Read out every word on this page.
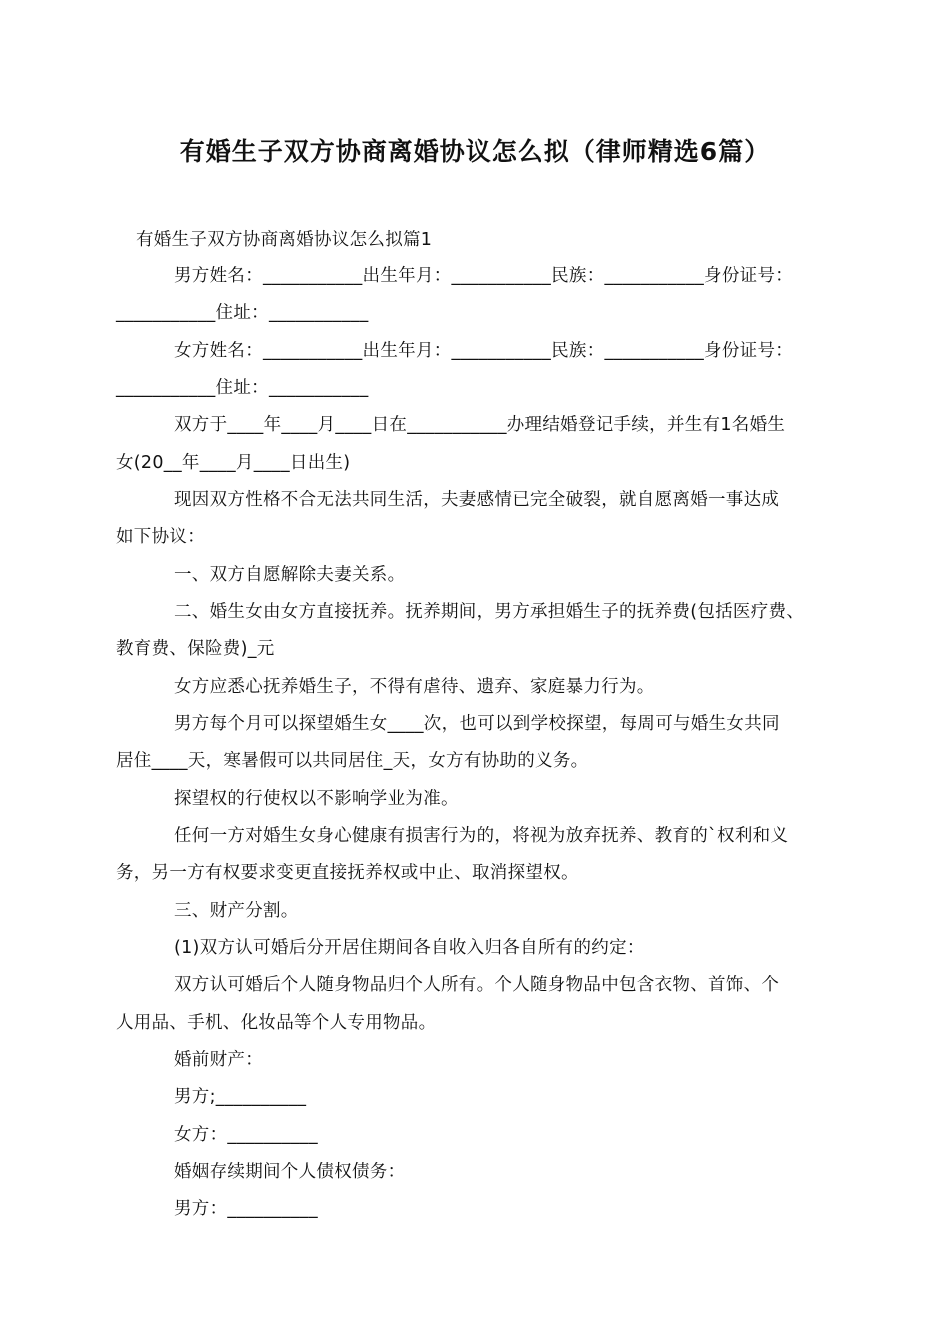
有婚生子双方协商离婚协议怎么拟（律师精选6篇）
有婚生子双方协商离婚协议怎么拟篇1
男方姓名：___________出生年月：___________民族：___________身份证号：
___________住址：___________
女方姓名：___________出生年月：___________民族：___________身份证号：
___________住址：___________
双方于____年____月____日在___________办理结婚登记手续，并生有1名婚生
女(20__年____月____日出生)
现因双方性格不合无法共同生活，夫妻感情已完全破裂，就自愿离婚一事达成
如下协议：
一、双方自愿解除夫妻关系。
二、婚生女由女方直接抚养。抚养期间，男方承担婚生子的抚养费(包括医疗费、
教育费、保险费)_元
女方应悉心抚养婚生子，不得有虐待、遗弃、家庭暴力行为。
男方每个月可以探望婚生女____次，也可以到学校探望，每周可与婚生女共同
居住____天，寒暑假可以共同居住_天，女方有协助的义务。
探望权的行使权以不影响学业为准。
任何一方对婚生女身心健康有损害行为的，将视为放弃抚养、教育的`权利和义
务，另一方有权要求变更直接抚养权或中止、取消探望权。
三、财产分割。
(1)双方认可婚后分开居住期间各自收入归各自所有的约定：
双方认可婚后个人随身物品归个人所有。个人随身物品中包含衣物、首饰、个
人用品、手机、化妆品等个人专用物品。
婚前财产：
男方;__________
女方：__________
婚姻存续期间个人债权债务：
男方：__________
